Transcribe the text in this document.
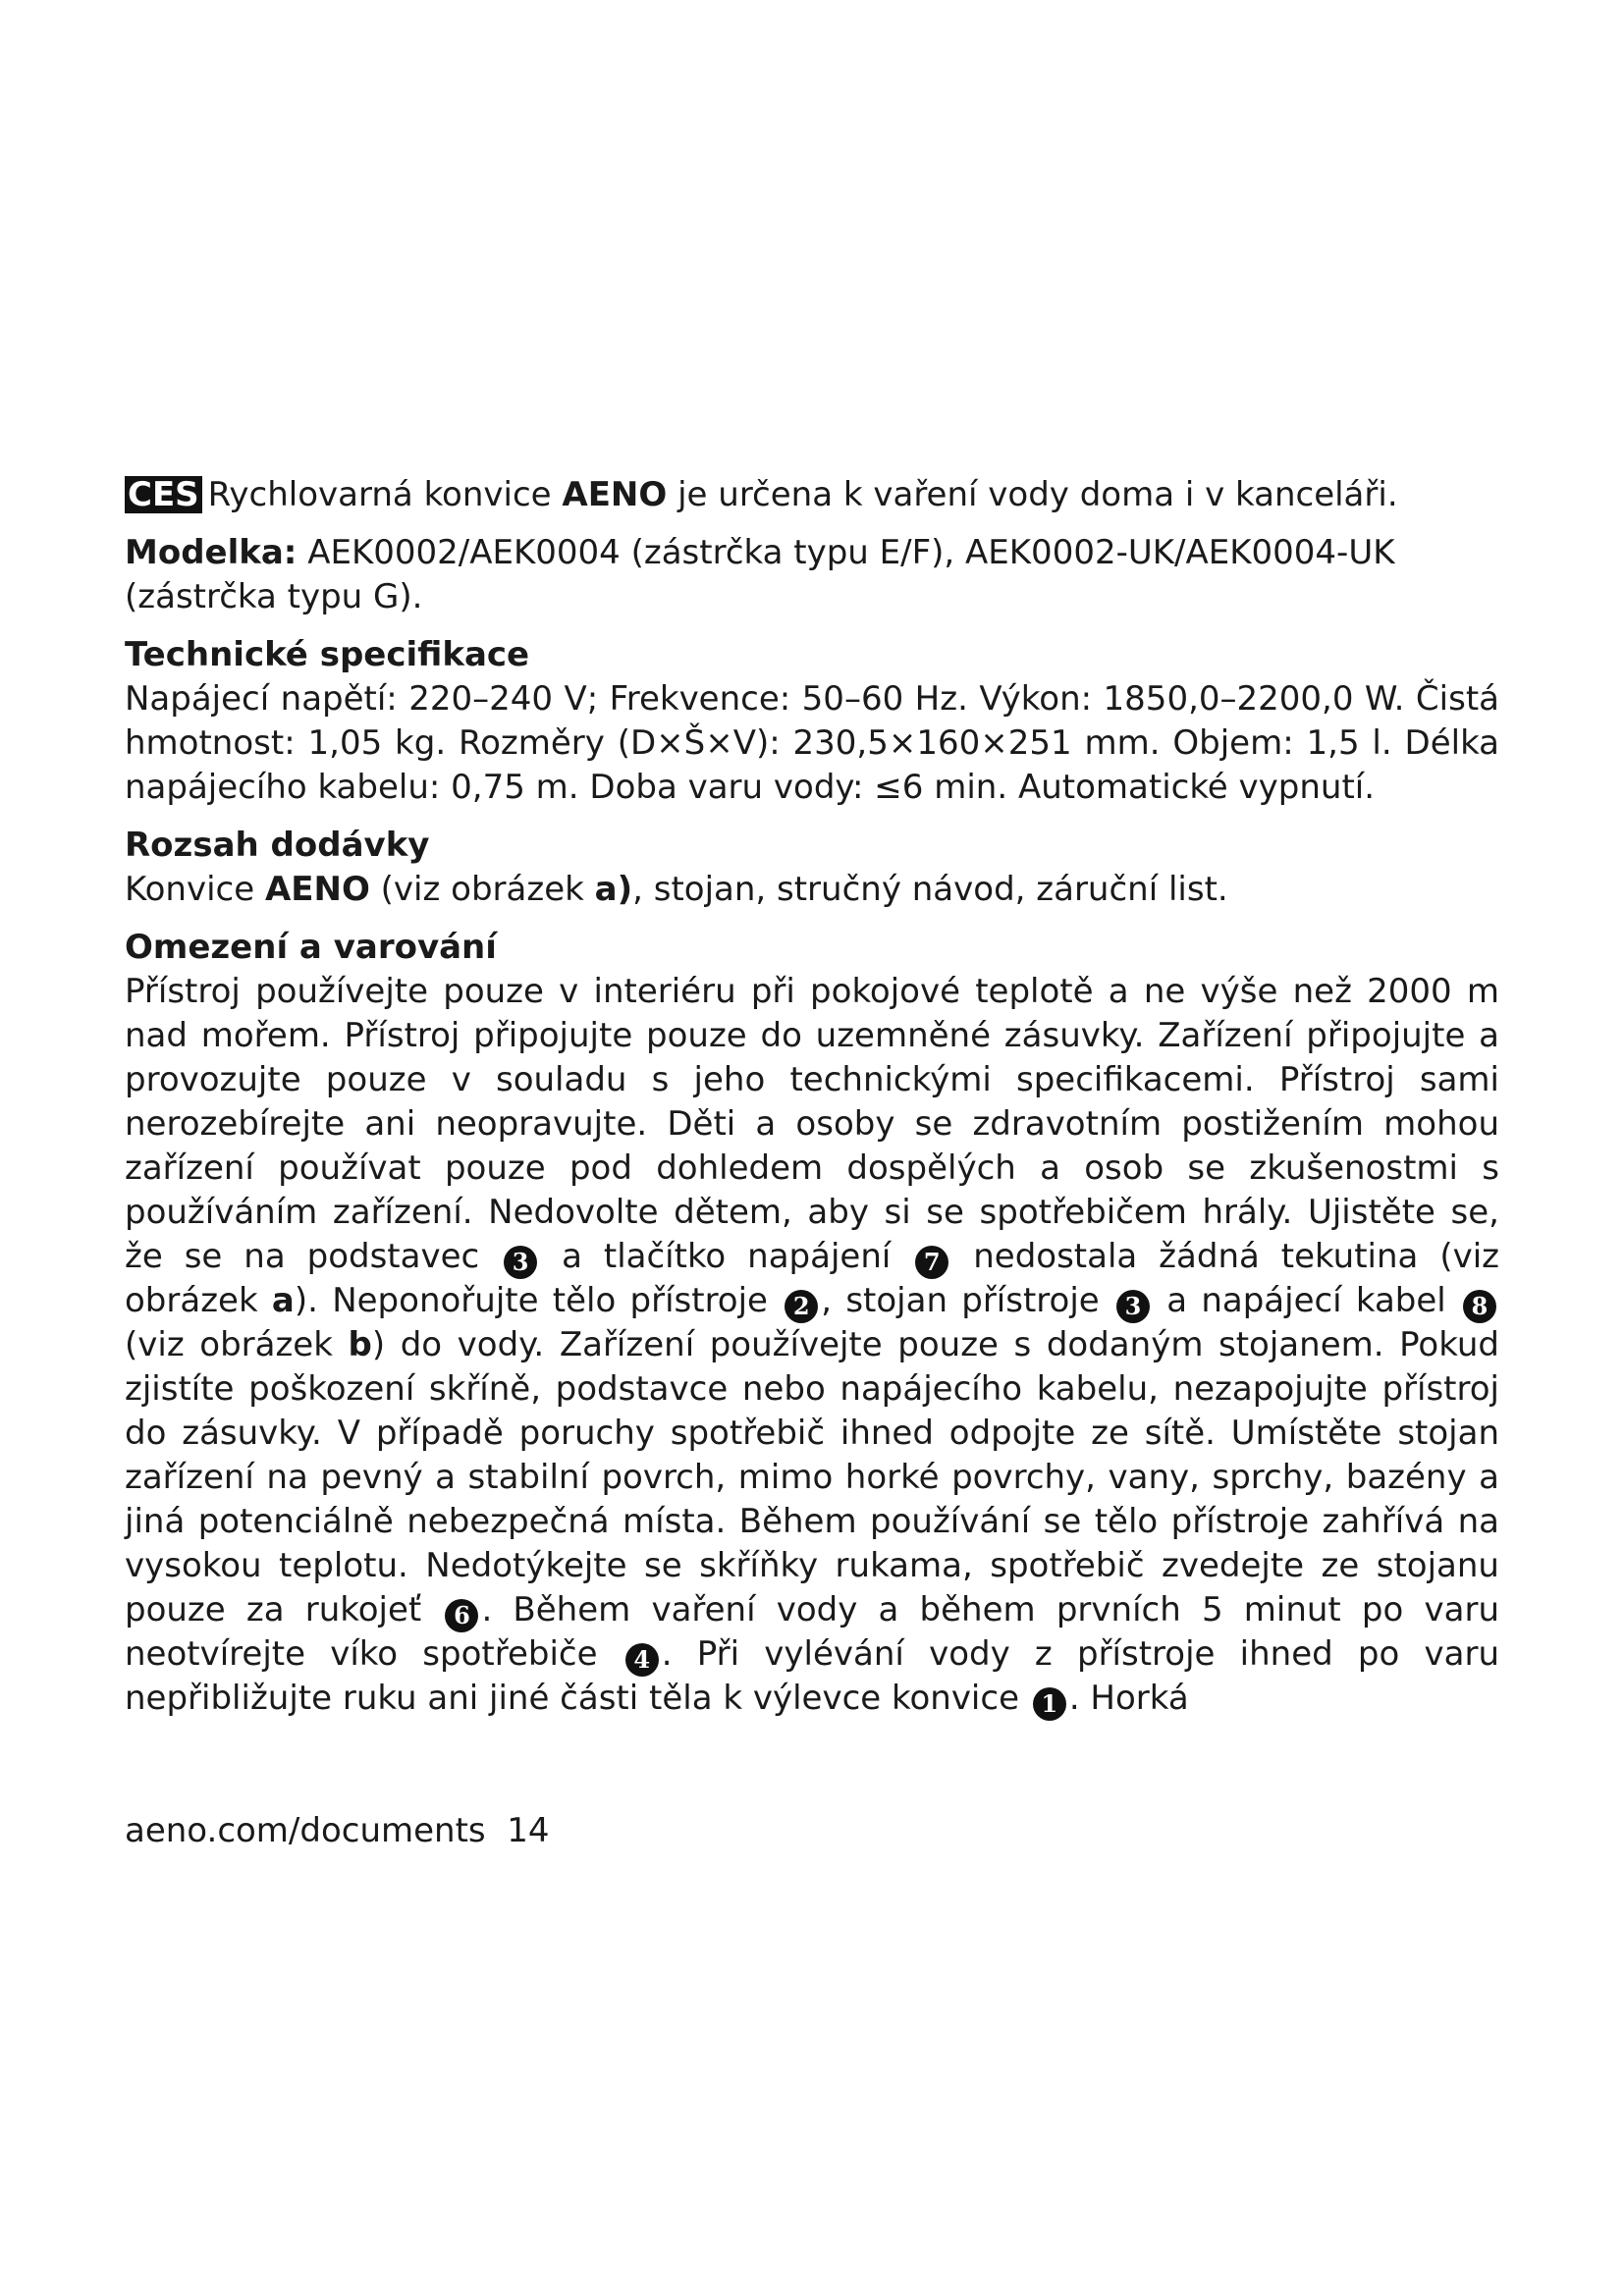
CES Rychlovarná konvice AENO je určena k vaření vody doma i v kanceláři.

Modelka: AEK0002/AEK0004 (zástrčka typu E/F), AEK0002-UK/AEK0004-UK (zástrčka typu G).

Technické specifikace

Napájecí napětí: 220–240 V; Frekvence: 50–60 Hz. Výkon: 1850,0–2200,0 W. Čistá hmotnost: 1,05 kg. Rozměry (D×Š×V): 230,5×160×251 mm. Objem: 1,5 l. Délka napájecího kabelu: 0,75 m. Doba varu vody: ≤6 min. Automatické vypnutí.

Rozsah dodávky

Konvice AENO (viz obrázek a), stojan, stručný návod, záruční list.

Omezení a varování

Přístroj používejte pouze v interiéru při pokojové teplotě a ne výše než 2000 m nad mořem. Přístroj připojujte pouze do uzemněné zásuvky. Zařízení připojujte a provozujte pouze v souladu s jeho technickými specifikacemi. Přístroj sami nerozebírejte ani neopravujte. Děti a osoby se zdravotním postižením mohou zařízení používat pouze pod dohledem dospělých a osob se zkušenostmi s používáním zařízení. Nedovolte dětem, aby si se spotřebičem hrály. Ujistěte se, že se na podstavec 3 a tlačítko napájení 7 nedostala žádná tekutina (viz obrázek a). Neponořujte tělo přístroje 2 , stojan přístroje 3 a napájecí kabel 8 (viz obrázek b) do vody. Zařízení používejte pouze s dodaným stojanem. Pokud zjistíte poškození skříně, podstavce nebo napájecího kabelu, nezapojujte přístroj do zásuvky. V případě poruchy spotřebič ihned odpojte ze sítě. Umístěte stojan zařízení na pevný a stabilní povrch, mimo horké povrchy, vany, sprchy, bazény a jiná potenciálně nebezpečná místa. Během používání se tělo přístroje zahřívá na vysokou teplotu. Nedotýkejte se skříňky rukama, spotřebič zvedejte ze stojanu pouze za rukojeť 6 . Během vaření vody a během prvních 5 minut po varu neotvírejte víko spotřebiče 4 . Při vylévání vody z přístroje ihned po varu nepřibližujte ruku ani jiné části těla k výlevce konvice 1 . Horká

aeno.com/documents 14
